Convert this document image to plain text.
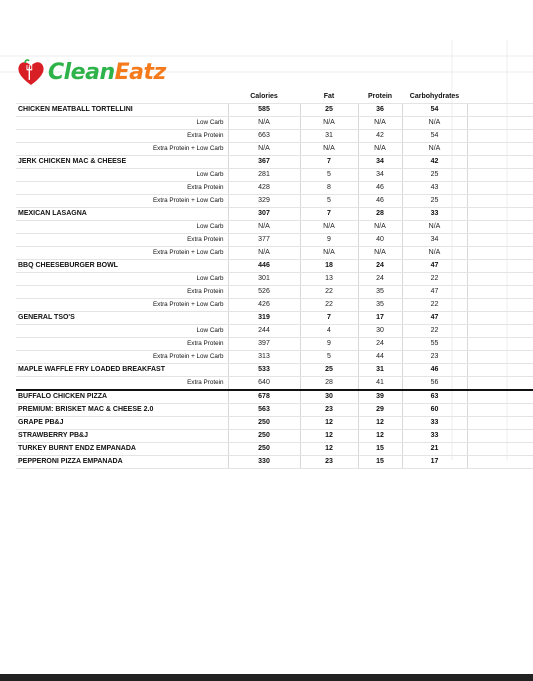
CleanEatz
	Calories	Fat	Protein	Carbohydrates		
CHICKEN MEATBALL TORTELLINI	585	25	36	54		
Low Carb	N/A	N/A	N/A	N/A		
Extra Protein	663	31	42	54		
Extra Protein + Low Carb	N/A	N/A	N/A	N/A		
JERK CHICKEN MAC & CHEESE	367	7	34	42		
Low Carb	281	5	34	25		
Extra Protein	428	8	46	43		
Extra Protein + Low Carb	329	5	46	25		
MEXICAN LASAGNA	307	7	28	33		
Low Carb	N/A	N/A	N/A	N/A		
Extra Protein	377	9	40	34		
Extra Protein + Low Carb	N/A	N/A	N/A	N/A		
BBQ CHEESEBURGER BOWL	446	18	24	47		
Low Carb	301	13	24	22		
Extra Protein	526	22	35	47		
Extra Protein + Low Carb	426	22	35	22		
GENERAL TSO'S	319	7	17	47		
Low Carb	244	4	30	22		
Extra Protein	397	9	24	55		
Extra Protein + Low Carb	313	5	44	23		
MAPLE WAFFLE FRY LOADED BREAKFAST	533	25	31	46		
Extra Protein	640	28	41	56		
BUFFALO CHICKEN PIZZA	678	30	39	63		
PREMIUM: BRISKET MAC & CHEESE 2.0	563	23	29	60		
GRAPE PB&J	250	12	12	33		
STRAWBERRY PB&J	250	12	12	33		
TURKEY BURNT ENDZ EMPANADA	250	12	15	21		
PEPPERONI PIZZA EMPANADA	330	23	15	17		
